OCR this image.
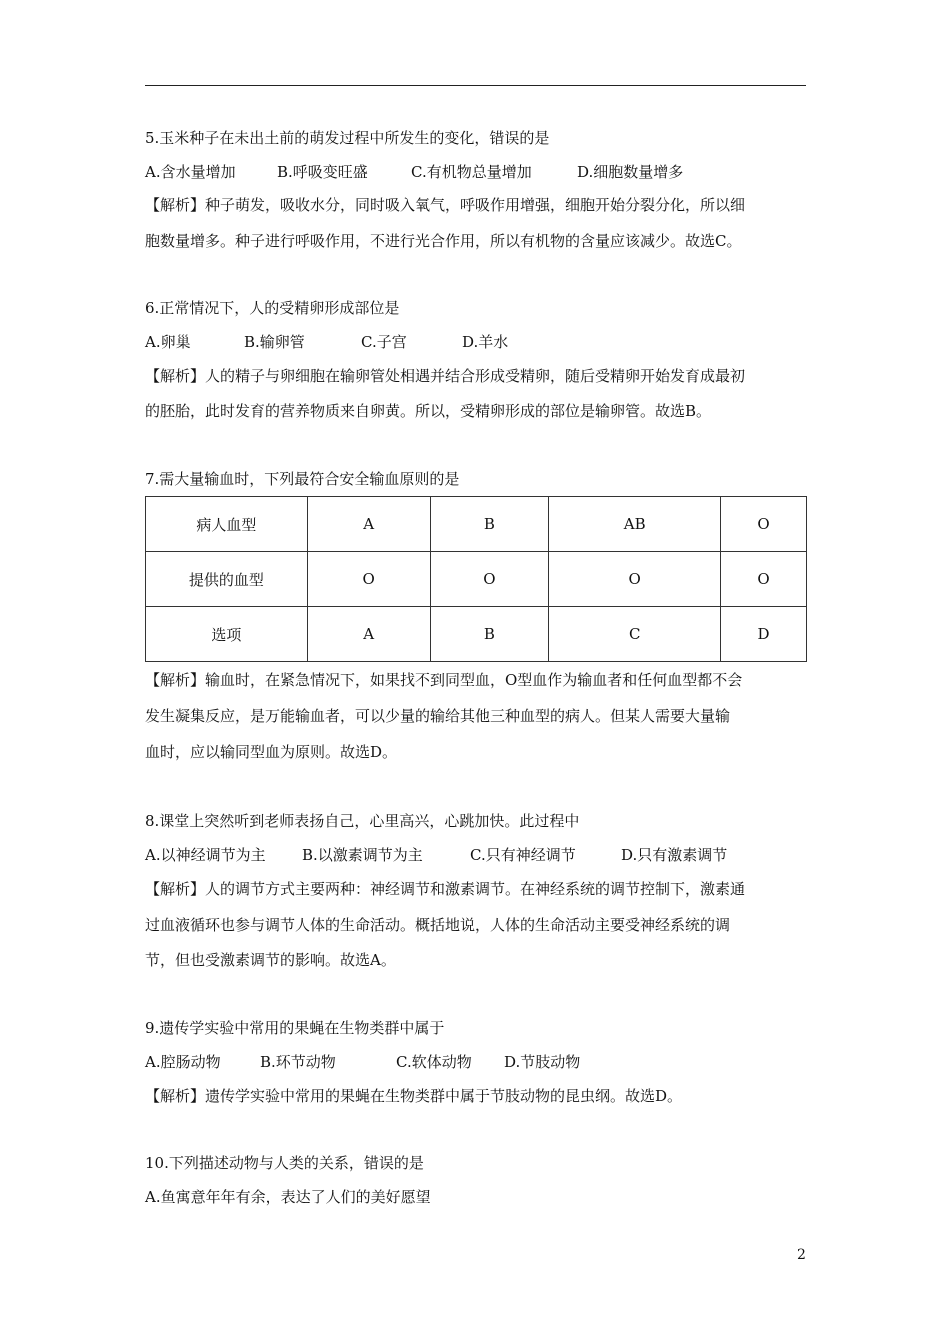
5.玉米种子在未出土前的萌发过程中所发生的变化，错误的是
A.含水量增加	B.呼吸变旺盛	C.有机物总量增加	D.细胞数量增多
【解析】种子萌发，吸收水分，同时吸入氧气，呼吸作用增强，细胞开始分裂分化，所以细
胞数量增多。种子进行呼吸作用，不进行光合作用，所以有机物的含量应该减少。故选C。
6.正常情况下，人的受精卵形成部位是
A.卵巢	B.输卵管	C.子宫	D.羊水
【解析】人的精子与卵细胞在输卵管处相遇并结合形成受精卵，随后受精卵开始发育成最初
的胚胎，此时发育的营养物质来自卵黄。所以，受精卵形成的部位是输卵管。故选B。
7.需大量输血时，下列最符合安全输血原则的是
病人血型	A	B	AB	O
提供的血型	O	O	O	O
选项	A	B	C	D
【解析】输血时，在紧急情况下，如果找不到同型血，O型血作为输血者和任何血型都不会
发生凝集反应，是万能输血者，可以少量的输给其他三种血型的病人。但某人需要大量输
血时，应以输同型血为原则。故选D。
8.课堂上突然听到老师表扬自己，心里高兴，心跳加快。此过程中
A.以神经调节为主 B.以激素调节为主	C.只有神经调节	D.只有激素调节
【解析】人的调节方式主要两种：神经调节和激素调节。在神经系统的调节控制下，激素通
过血液循环也参与调节人体的生命活动。概括地说，人体的生命活动主要受神经系统的调
节，但也受激素调节的影响。故选A。
9.遗传学实验中常用的果蝇在生物类群中属于
A.腔肠动物	B.环节动物	C.软体动物 D.节肢动物
【解析】遗传学实验中常用的果蝇在生物类群中属于节肢动物的昆虫纲。故选D。
10.下列描述动物与人类的关系，错误的是
A.鱼寓意年年有余，表达了人们的美好愿望
2
